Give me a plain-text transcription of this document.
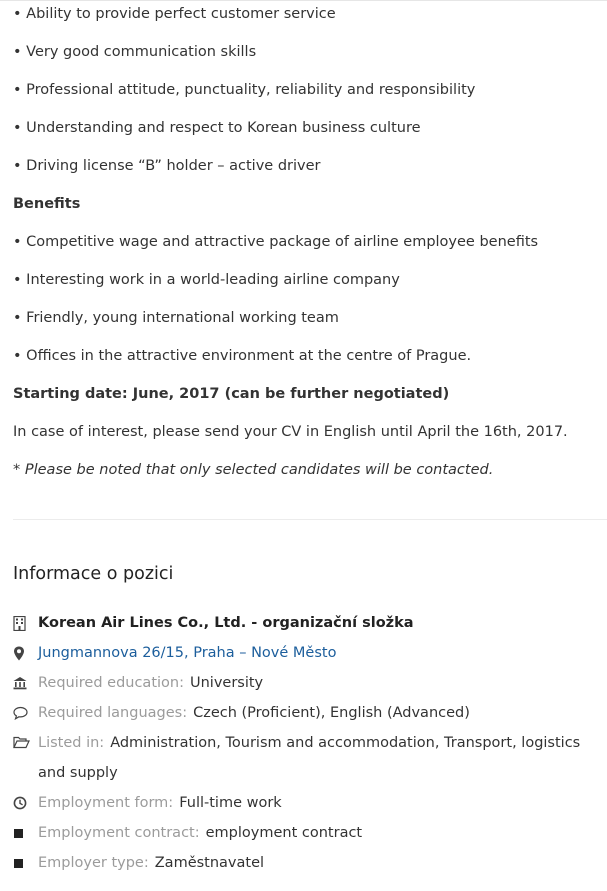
• Ability to provide perfect customer service
• Very good communication skills
• Professional attitude, punctuality, reliability and responsibility
• Understanding and respect to Korean business culture
• Driving license “B” holder – active driver
Benefits
• Competitive wage and attractive package of airline employee benefits
• Interesting work in a world-leading airline company
• Friendly, young international working team
• Offices in the attractive environment at the centre of Prague.
Starting date: June, 2017 (can be further negotiated)
In case of interest, please send your CV in English until April the 16th, 2017.
* Please be noted that only selected candidates will be contacted.
Informace o pozici
Korean Air Lines Co., Ltd. - organizační složka
Jungmannova 26/15, Praha – Nové Město
Required education: University
Required languages: Czech (Proficient), English (Advanced)
Listed in: Administration, Tourism and accommodation, Transport, logistics and supply
Employment form: Full-time work
Employment contract: employment contract
Employer type: Zaměstnavatel
